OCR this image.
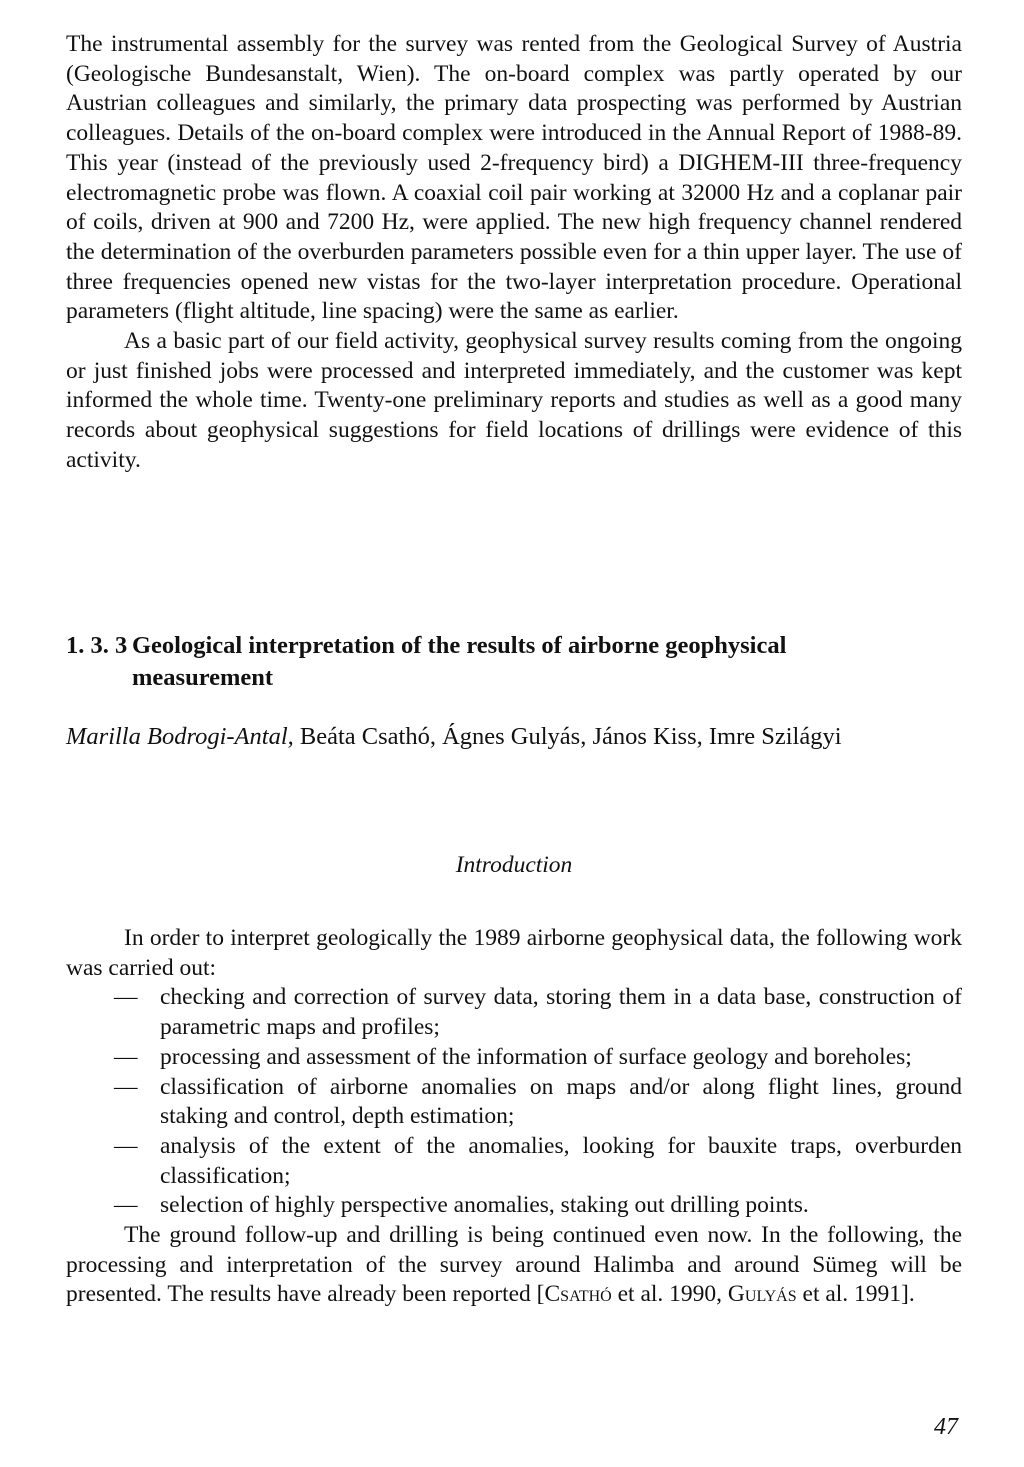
The instrumental assembly for the survey was rented from the Geological Survey of Austria (Geologische Bundesanstalt, Wien). The on-board complex was partly operated by our Austrian colleagues and similarly, the primary data prospecting was performed by Austrian colleagues. Details of the on-board complex were introduced in the Annual Report of 1988-89. This year (instead of the previously used 2-frequency bird) a DIGHEM-III three-frequency electromagnetic probe was flown. A coaxial coil pair working at 32000 Hz and a coplanar pair of coils, driven at 900 and 7200 Hz, were applied. The new high frequency channel rendered the determination of the overburden parameters possible even for a thin upper layer. The use of three frequencies opened new vistas for the two-layer interpretation procedure. Operational parameters (flight altitude, line spacing) were the same as earlier.

As a basic part of our field activity, geophysical survey results coming from the ongoing or just finished jobs were processed and interpreted immediately, and the customer was kept informed the whole time. Twenty-one preliminary reports and studies as well as a good many records about geophysical suggestions for field locations of drillings were evidence of this activity.

1. 3. 3 Geological interpretation of the results of airborne geophysical measurement
Marilla Bodrogi-Antal, Beáta Csathó, Ágnes Gulyás, János Kiss, Imre Szilágyi
Introduction

In order to interpret geologically the 1989 airborne geophysical data, the following work was carried out:

— checking and correction of survey data, storing them in a data base, construction of parametric maps and profiles;
— processing and assessment of the information of surface geology and boreholes;
— classification of airborne anomalies on maps and/or along flight lines, ground staking and control, depth estimation;
— analysis of the extent of the anomalies, looking for bauxite traps, overburden classification;
— selection of highly perspective anomalies, staking out drilling points.

The ground follow-up and drilling is being continued even now. In the following, the processing and interpretation of the survey around Halimba and around Sümeg will be presented. The results have already been reported [Csathó et al. 1990, Gulyás et al. 1991].

47
